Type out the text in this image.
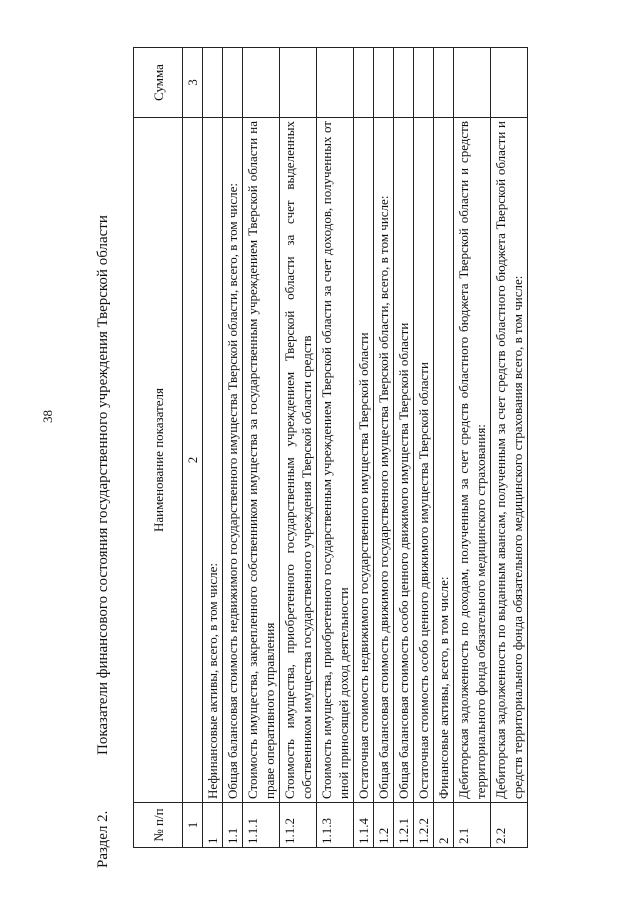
38
Раздел 2.Показатели финансового состояния государственного учреждения Тверской области
№ п/п	Наименование показателя	Сумма
1	2	3
1	Нефинансовые активы, всего, в том числе:	
1.1	Общая балансовая стоимость недвижимого государственного имущества Тверской области, всего, в том числе:	
1.1.1	Стоимость имущества, закрепленного собственником имущества за государственным учреждением Тверской области на праве оперативного управления	
1.1.2	Стоимость имущества, приобретенного государственным учреждением Тверской области за счет выделенных собственником имущества государственного учреждения Тверской области средств	
1.1.3	Стоимость имущества, приобретенного государственным учреждением Тверской области за счет доходов, полученных от иной приносящей доход деятельности	
1.1.4	Остаточная стоимость недвижимого государственного имущества Тверской области	
1.2	Общая балансовая стоимость движимого государственного имущества Тверской области, всего, в том числе:	
1.2.1	Общая балансовая стоимость особо ценного движимого имущества Тверской области	
1.2.2	Остаточная стоимость особо ценного движимого имущества Тверской области	
2	Финансовые активы, всего, в том числе:	
2.1	Дебиторская задолженность по доходам, полученным за счет средств областного бюджета Тверской области и средств территориального фонда обязательного медицинского страхования:	
2.2	Дебиторская задолженность по выданным авансам, полученным за счет средств областного бюджета Тверской области и средств территориального фонда обязательного медицинского страхования всего, в том числе:	
